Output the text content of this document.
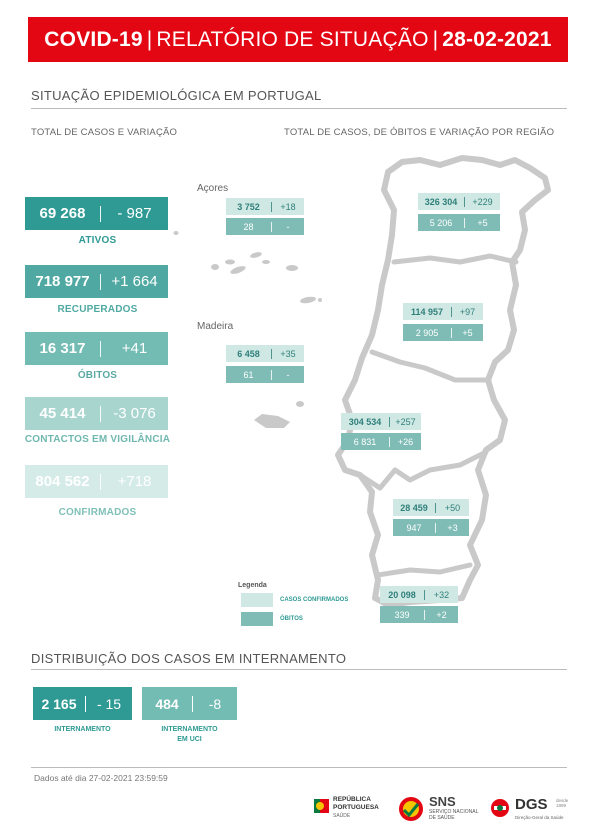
COVID-19 | RELATÓRIO DE SITUAÇÃO | 28-02-2021
SITUAÇÃO EPIDEMIOLÓGICA EM PORTUGAL
TOTAL DE CASOS E VARIAÇÃO	TOTAL DE CASOS, DE ÓBITOS E VARIAÇÃO POR REGIÃO
69 268	- 987
ATIVOS
718 977	+1 664
RECUPERADOS
16 317	+41
ÓBITOS
45 414	-3 076
CONTACTOS EM VIGILÂNCIA
804 562	+718
CONFIRMADOS
Açores
Madeira
3 752	+18
28	-
6 458	+35
61	-
326 304	+229
5 206	+5
114 957	+97
2 905	+5
304 534	+257
6 831	+26
28 459	+50
947	+3
20 098	+32
339	+2
Legenda
CASOS CONFIRMADOS
ÓBITOS
DISTRIBUIÇÃO DOS CASOS EM INTERNAMENTO
2 165	- 15
INTERNAMENTO
484	-8
INTERNAMENTO
EM UCI
Dados até dia 27-02-2021 23:59:59
REPÚBLICA
PORTUGUESA
SAÚDE
SNS
SERVIÇO NACIONAL
DE SAÚDE
DGS desde 1899
Direção-Geral da Saúde
